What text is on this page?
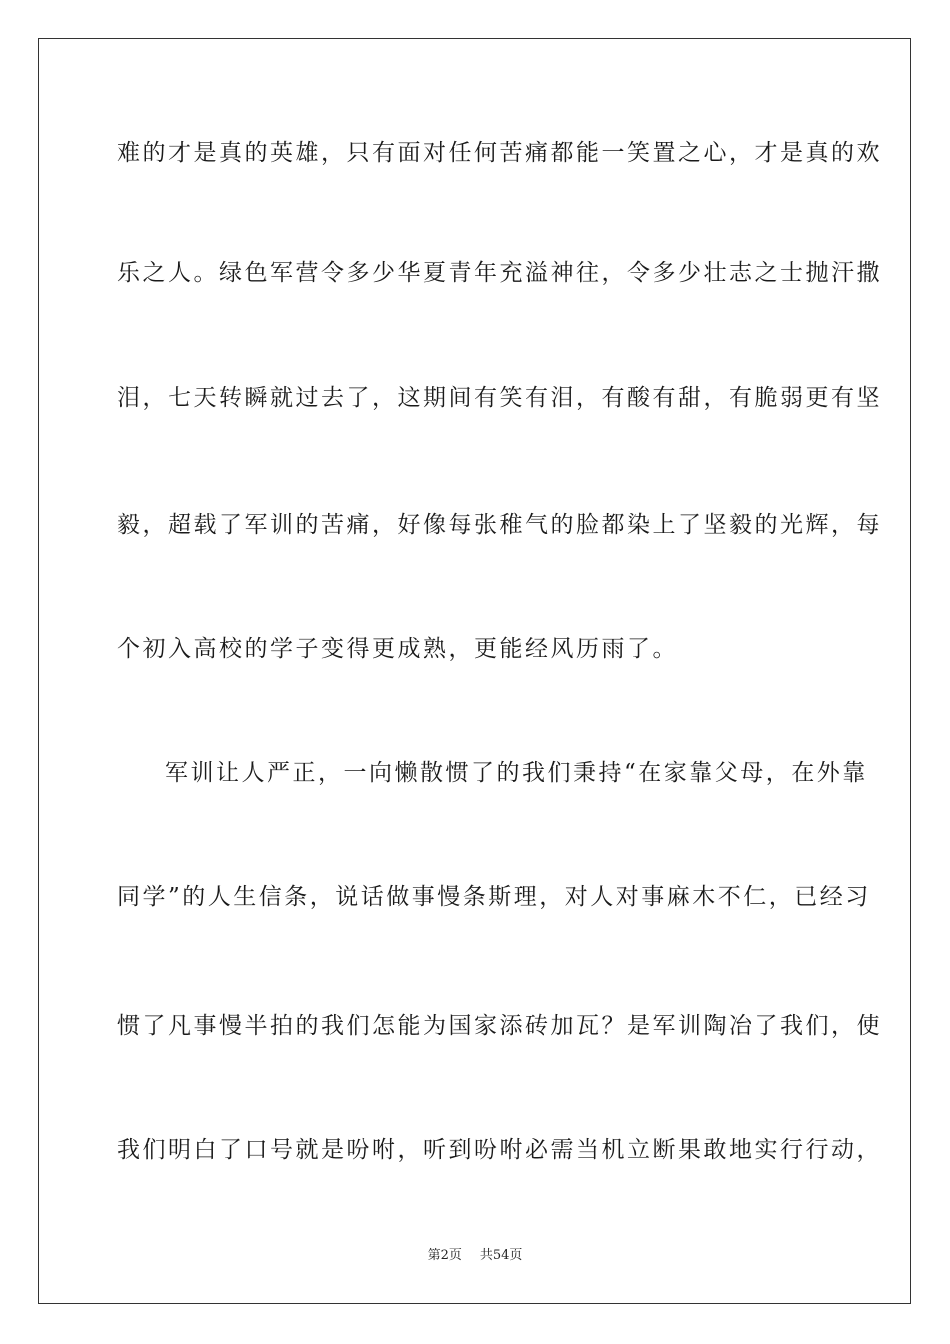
难的才是真的英雄，只有面对任何苦痛都能一笑置之心，才是真的欢
乐之人。绿色军营令多少华夏青年充溢神往，令多少壮志之士抛汗撒
泪，七天转瞬就过去了，这期间有笑有泪，有酸有甜，有脆弱更有坚
毅，超载了军训的苦痛，好像每张稚气的脸都染上了坚毅的光辉，每
个初入高校的学子变得更成熟，更能经风历雨了。
军训让人严正，一向懒散惯了的我们秉持“在家靠父母，在外靠
同学”的人生信条，说话做事慢条斯理，对人对事麻木不仁，已经习
惯了凡事慢半拍的我们怎能为国家添砖加瓦？是军训陶冶了我们，使
我们明白了口号就是吩咐，听到吩咐必需当机立断果敢地实行行动，
第2页 共54页
